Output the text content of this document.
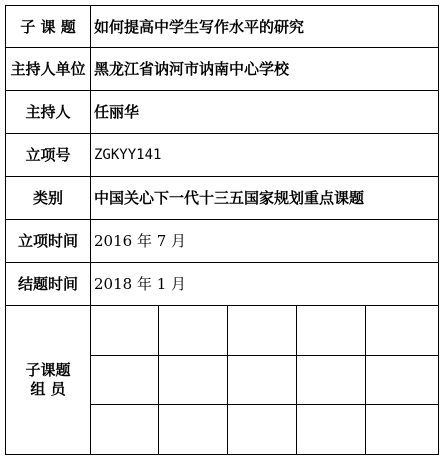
子 课 题	如何提高中学生写作水平的研究				
主持人单位	黑龙江省讷河市讷南中心学校				
主持人	任丽华				
立项号	ZGKYY141				
类别	中国关心下一代十三五国家规划重点课题				
立项时间	2016 年 7 月				
结题时间	2018 年 1 月				

子课题
组 员					
